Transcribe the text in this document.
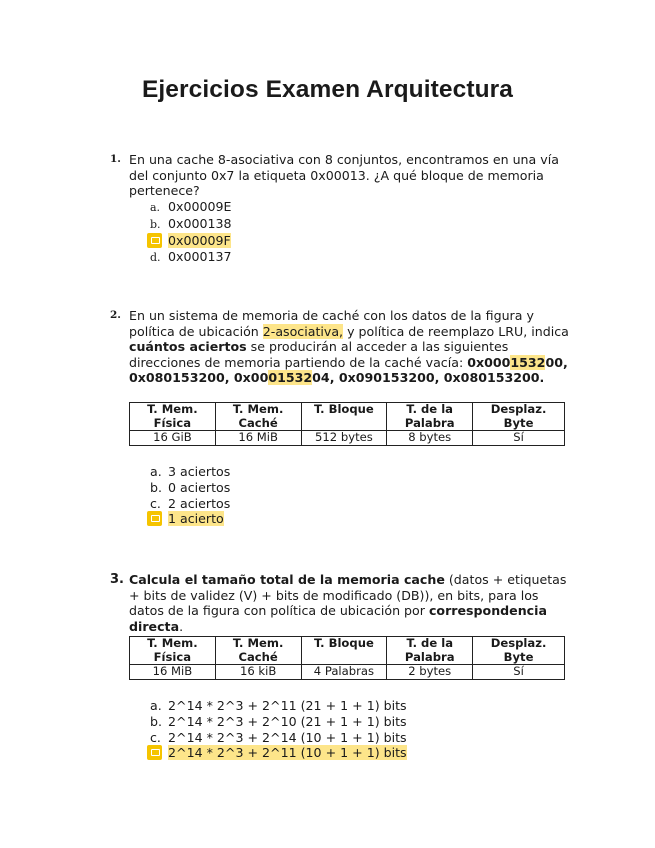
Ejercicios Examen Arquitectura
1. En una cache 8-asociativa con 8 conjuntos, encontramos en una vía del conjunto 0x7 la etiqueta 0x00013. ¿A qué bloque de memoria pertenece?
a. 0x00009E
b. 0x000138
0x00009F
d. 0x000137
2. En un sistema de memoria de caché con los datos de la figura y política de ubicación 2-asociativa, y política de reemplazo LRU, indica cuántos aciertos se producirán al acceder a las siguientes direcciones de memoria partiendo de la caché vacía: 0x000153200, 0x080153200, 0x000153204, 0x090153200, 0x080153200.
T. Mem. Física	T. Mem. Caché	T. Bloque	T. de la Palabra	Desplaz. Byte
16 GiB	16 MiB	512 bytes	8 bytes	Sí
a. 3 aciertos
b. 0 aciertos
c. 2 aciertos
1 acierto
3. Calcula el tamaño total de la memoria cache (datos + etiquetas + bits de validez (V) + bits de modificado (DB)), en bits, para los datos de la figura con política de ubicación por correspondencia directa.
T. Mem. Física	T. Mem. Caché	T. Bloque	T. de la Palabra	Desplaz. Byte
16 MiB	16 kiB	4 Palabras	2 bytes	Sí
a. 2^14 * 2^3 + 2^11 (21 + 1 + 1) bits
b. 2^14 * 2^3 + 2^10 (21 + 1 + 1) bits
c. 2^14 * 2^3 + 2^14 (10 + 1 + 1) bits
2^14 * 2^3 + 2^11 (10 + 1 + 1) bits
